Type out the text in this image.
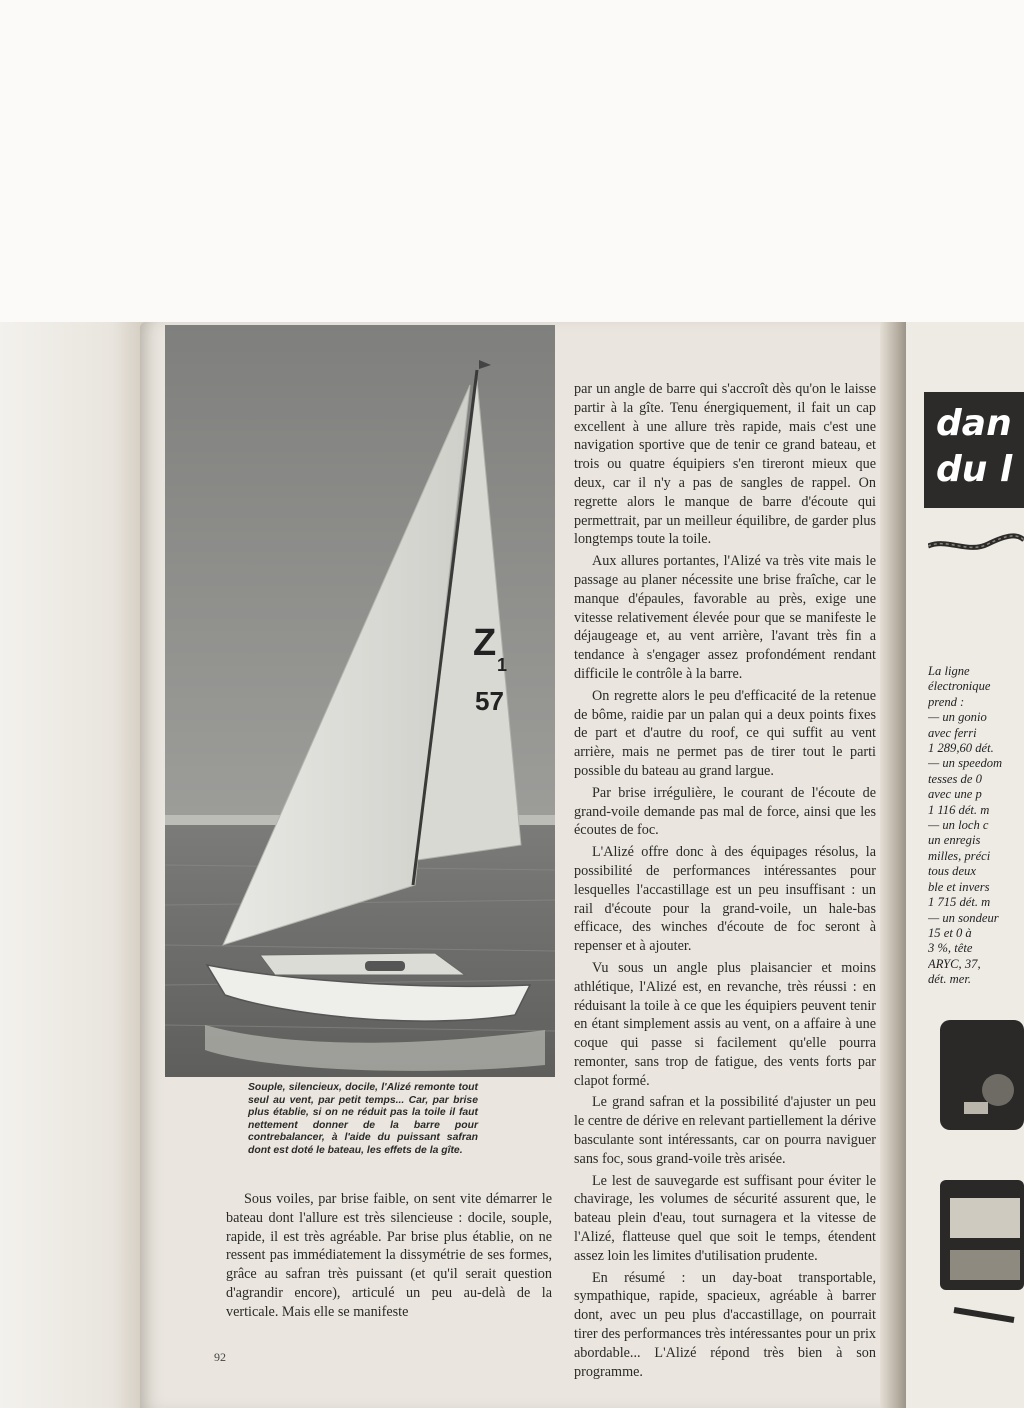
Z
1
57
Souple, silencieux, docile, l'Alizé remonte tout seul au vent, par petit temps... Car, par brise plus établie, si on ne réduit pas la toile il faut nettement donner de la barre pour contrebalancer, à l'aide du puissant safran dont est doté le bateau, les effets de la gîte.

Sous voiles, par brise faible, on sent vite démarrer le bateau dont l'allure est très silencieuse : docile, souple, rapide, il est très agréable. Par brise plus établie, on ne ressent pas immédiatement la dissymétrie de ses formes, grâce au safran très puissant (et qu'il serait question d'agrandir encore), articulé un peu au-delà de la verticale. Mais elle se manifeste

par un angle de barre qui s'accroît dès qu'on le laisse partir à la gîte. Tenu énergiquement, il fait un cap excellent à une allure très rapide, mais c'est une navigation sportive que de tenir ce grand bateau, et trois ou quatre équipiers s'en tireront mieux que deux, car il n'y a pas de sangles de rappel. On regrette alors le manque de barre d'écoute qui permettrait, par un meilleur équilibre, de garder plus longtemps toute la toile.

Aux allures portantes, l'Alizé va très vite mais le passage au planer nécessite une brise fraîche, car le manque d'épaules, favorable au près, exige une vitesse relativement élevée pour que se manifeste le déjaugeage et, au vent arrière, l'avant très fin a tendance à s'engager assez profondément rendant difficile le contrôle à la barre.

On regrette alors le peu d'efficacité de la retenue de bôme, raidie par un palan qui a deux points fixes de part et d'autre du roof, ce qui suffit au vent arrière, mais ne permet pas de tirer tout le parti possible du bateau au grand largue.

Par brise irrégulière, le courant de l'écoute de grand-voile demande pas mal de force, ainsi que les écoutes de foc.

L'Alizé offre donc à des équipages résolus, la possibilité de performances intéressantes pour lesquelles l'accastillage est un peu insuffisant : un rail d'écoute pour la grand-voile, un hale-bas efficace, des winches d'écoute de foc seront à repenser et à ajouter.

Vu sous un angle plus plaisancier et moins athlétique, l'Alizé est, en revanche, très réussi : en réduisant la toile à ce que les équipiers peuvent tenir en étant simplement assis au vent, on a affaire à une coque qui passe si facilement qu'elle pourra remonter, sans trop de fatigue, des vents forts par clapot formé.

Le grand safran et la possibilité d'ajuster un peu le centre de dérive en relevant partiellement la dérive basculante sont intéressants, car on pourra naviguer sans foc, sous grand-voile très arisée.

Le lest de sauvegarde est suffisant pour éviter le chavirage, les volumes de sécurité assurent que, le bateau plein d'eau, tout surnagera et la vitesse de l'Alizé, flatteuse quel que soit le temps, étendent assez loin les limites d'utilisation prudente.

En résumé : un day-boat transportable, sympathique, rapide, spacieux, agréable à barrer dont, avec un peu plus d'accastillage, on pourrait tirer des performances très intéressantes pour un prix abordable... L'Alizé répond très bien à son programme.

92
dan
du l
La ligne
électronique
prend :
— un gonio
avec ferri
1 289,60 dét.
— un speedom
tesses de 0
avec une p
1 116 dét. m
— un loch c
un enregis
milles, préci
tous deux
ble et invers
1 715 dét. m
— un sondeur
15 et 0 à
3 %, tête
ARYC, 37,
dét. mer.
